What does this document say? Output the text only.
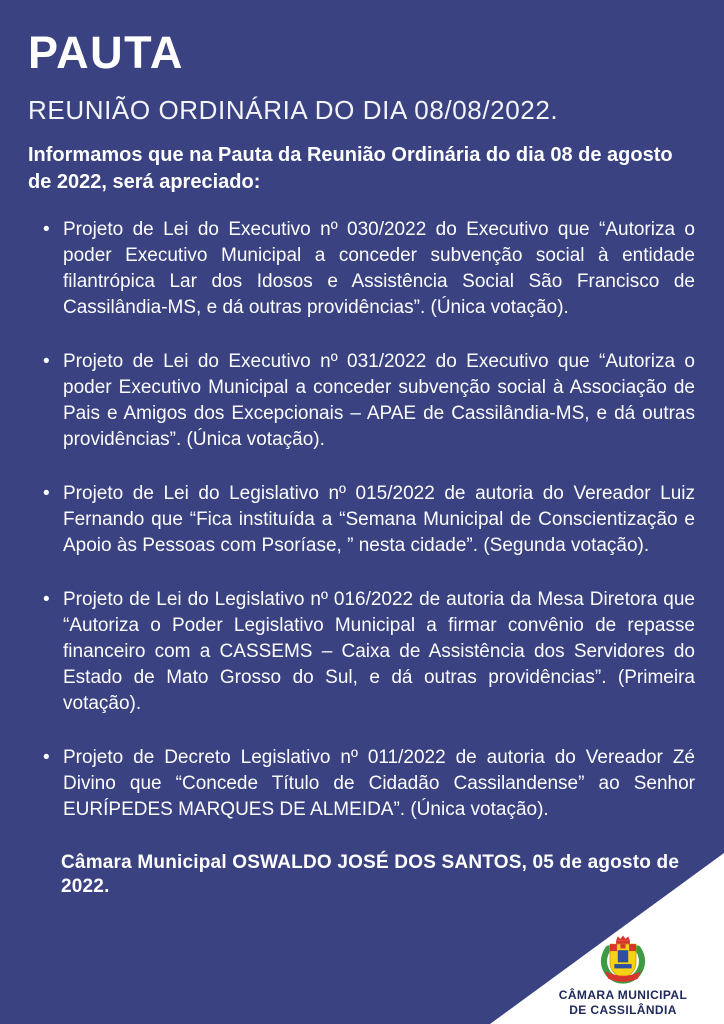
PAUTA
REUNIÃO ORDINÁRIA DO DIA 08/08/2022.

Informamos que na Pauta da Reunião Ordinária do dia 08 de agosto de 2022, será apreciado:

• Projeto de Lei do Executivo nº 030/2022 do Executivo que “Autoriza o poder Executivo Municipal a conceder subvenção social à entidade filantrópica Lar dos Idosos e Assistência Social São Francisco de Cassilândia-MS, e dá outras providências”. (Única votação).
• Projeto de Lei do Executivo nº 031/2022 do Executivo que “Autoriza o poder Executivo Municipal a conceder subvenção social à Associação de Pais e Amigos dos Excepcionais – APAE de Cassilândia-MS, e dá outras providências”. (Única votação).
• Projeto de Lei do Legislativo nº 015/2022 de autoria do Vereador Luiz Fernando que “Fica instituída a “Semana Municipal de Conscientização e Apoio às Pessoas com Psoríase, ” nesta cidade”. (Segunda votação).
• Projeto de Lei do Legislativo nº 016/2022 de autoria da Mesa Diretora que “Autoriza o Poder Legislativo Municipal a firmar convênio de repasse financeiro com a CASSEMS – Caixa de Assistência dos Servidores do Estado de Mato Grosso do Sul, e dá outras providências”. (Primeira votação).
• Projeto de Decreto Legislativo nº 011/2022 de autoria do Vereador Zé Divino que “Concede Título de Cidadão Cassilandense” ao Senhor EURÍPEDES MARQUES DE ALMEIDA”. (Única votação).

Câmara Municipal OSWALDO JOSÉ DOS SANTOS, 05 de agosto de 2022.

CÂMARA MUNICIPAL
DE CASSILÂNDIA
